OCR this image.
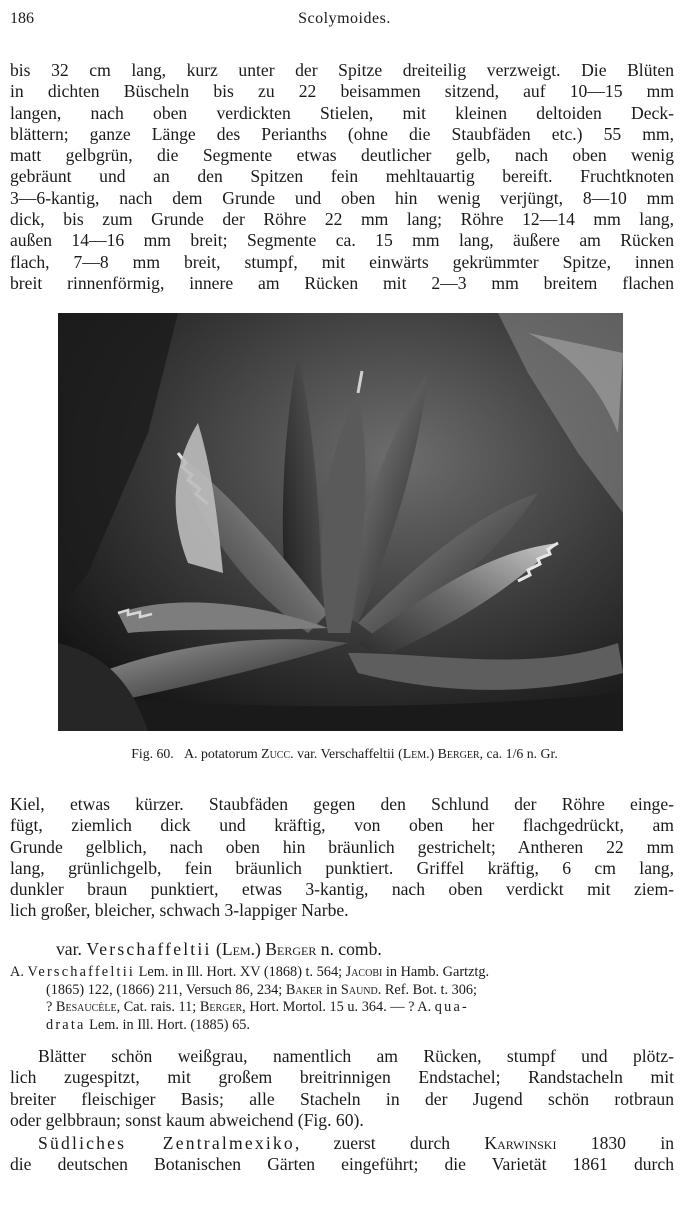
186	Scolymoides.
bis 32 cm lang, kurz unter der Spitze dreiteilig verzweigt. Die Blüten
in dichten Büscheln bis zu 22 beisammen sitzend, auf 10—15 mm
langen, nach oben verdickten Stielen, mit kleinen deltoiden Deck-
blättern; ganze Länge des Perianths (ohne die Staubfäden etc.) 55 mm,
matt gelbgrün, die Segmente etwas deutlicher gelb, nach oben wenig
gebräunt und an den Spitzen fein mehltauartig bereift. Fruchtknoten
3—6-kantig, nach dem Grunde und oben hin wenig verjüngt, 8—10 mm
dick, bis zum Grunde der Röhre 22 mm lang; Röhre 12—14 mm lang,
außen 14—16 mm breit; Segmente ca. 15 mm lang, äußere am Rücken
flach, 7—8 mm breit, stumpf, mit einwärts gekrümmter Spitze, innen
breit rinnenförmig, innere am Rücken mit 2—3 mm breitem flachen
Fig. 60. A. potatorum Zucc. var. Verschaffeltii (Lem.) Berger, ca. 1/6 n. Gr.
Kiel, etwas kürzer. Staubfäden gegen den Schlund der Röhre einge-
fügt, ziemlich dick und kräftig, von oben her flachgedrückt, am
Grunde gelblich, nach oben hin bräunlich gestrichelt; Antheren 22 mm
lang, grünlichgelb, fein bräunlich punktiert. Griffel kräftig, 6 cm lang,
dunkler braun punktiert, etwas 3-kantig, nach oben verdickt mit ziem-
lich großer, bleicher, schwach 3-lappiger Narbe.
var. Verschaffeltii (Lem.) Berger n. comb.
A. Verschaffeltii Lem. in Ill. Hort. XV (1868) t. 564; Jacobi in Hamb. Gartztg.
(1865) 122, (1866) 211, Versuch 86, 234; Baker in Saund. Ref. Bot. t. 306;
? Besaucèle, Cat. rais. 11; Berger, Hort. Mortol. 15 u. 364. — ? A. qua-
drata Lem. in Ill. Hort. (1885) 65.
Blätter schön weißgrau, namentlich am Rücken, stumpf und plötz-
lich zugespitzt, mit großem breitrinnigen Endstachel; Randstacheln mit
breiter fleischiger Basis; alle Stacheln in der Jugend schön rotbraun
oder gelbbraun; sonst kaum abweichend (Fig. 60).
Südliches Zentralmexiko, zuerst durch Karwinski 1830 in
die deutschen Botanischen Gärten eingeführt; die Varietät 1861 durch
